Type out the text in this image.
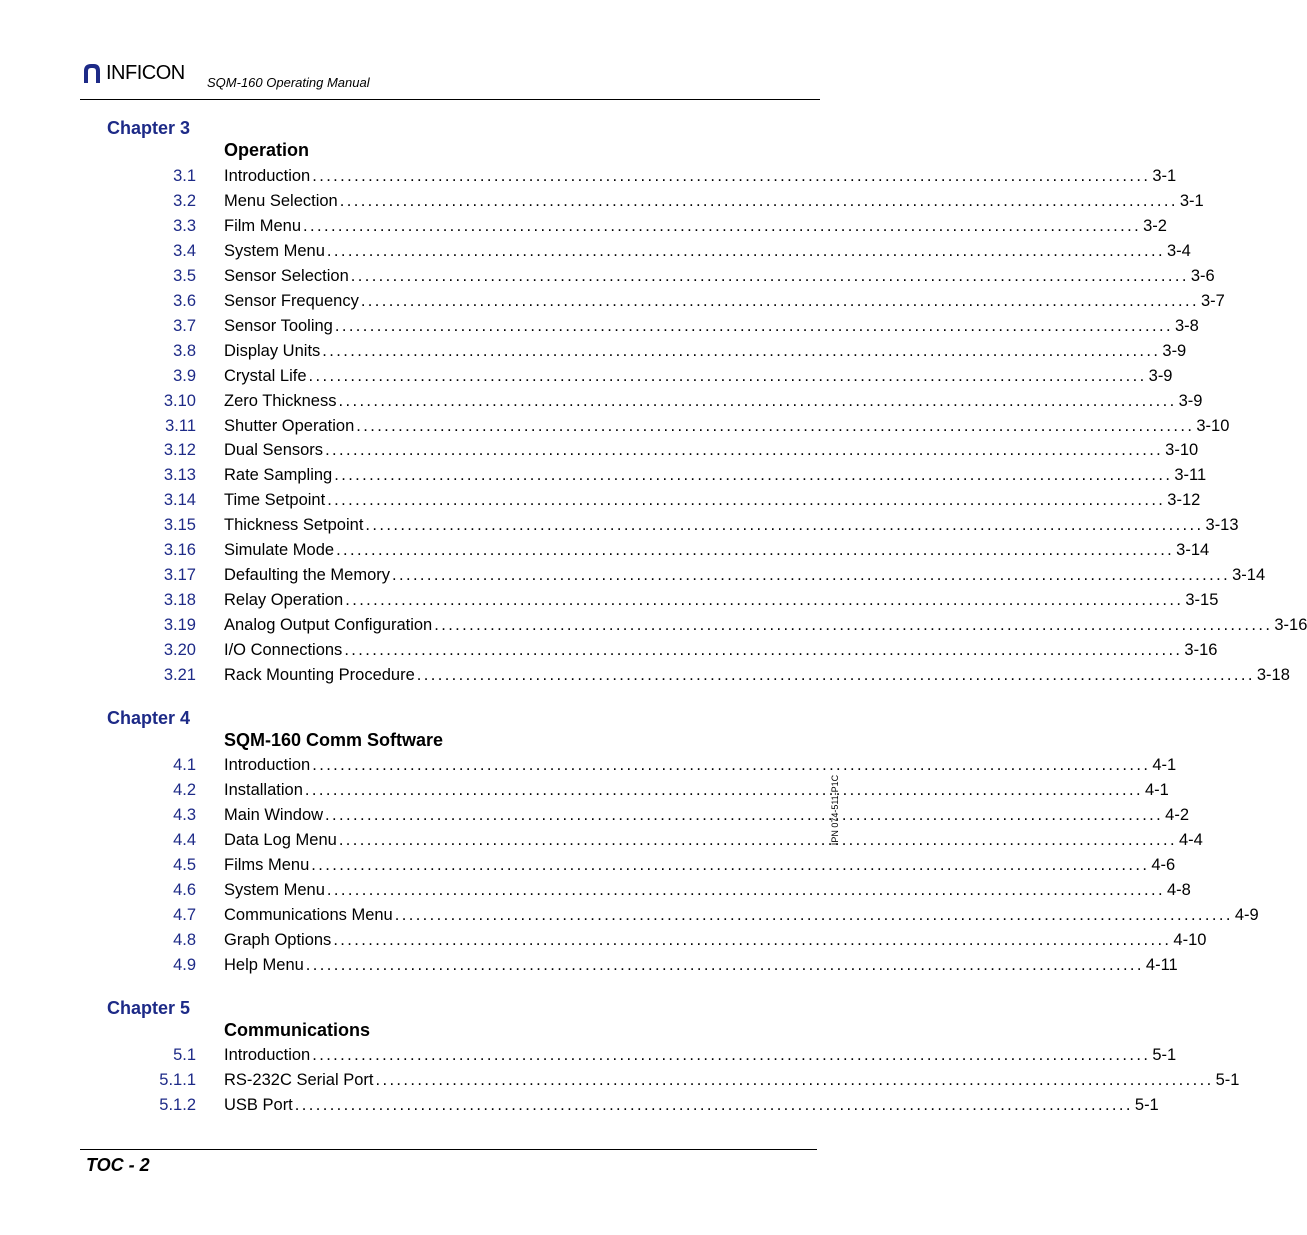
INFICON SQM-160 Operating Manual
Chapter 3
Operation
3.1 Introduction ........................................................................................................................ 3-1
3.2 Menu Selection ........................................................................................................................ 3-1
3.3 Film Menu ........................................................................................................................ 3-2
3.4 System Menu ........................................................................................................................ 3-4
3.5 Sensor Selection ........................................................................................................................ 3-6
3.6 Sensor Frequency ........................................................................................................................ 3-7
3.7 Sensor Tooling ........................................................................................................................ 3-8
3.8 Display Units ........................................................................................................................ 3-9
3.9 Crystal Life ........................................................................................................................ 3-9
3.10 Zero Thickness ........................................................................................................................ 3-9
3.11 Shutter Operation ........................................................................................................................ 3-10
3.12 Dual Sensors ........................................................................................................................ 3-10
3.13 Rate Sampling ........................................................................................................................ 3-11
3.14 Time Setpoint ........................................................................................................................ 3-12
3.15 Thickness Setpoint ........................................................................................................................ 3-13
3.16 Simulate Mode ........................................................................................................................ 3-14
3.17 Defaulting the Memory ........................................................................................................................ 3-14
3.18 Relay Operation ........................................................................................................................ 3-15
3.19 Analog Output Configuration ........................................................................................................................ 3-16
3.20 I/O Connections ........................................................................................................................ 3-16
3.21 Rack Mounting Procedure ........................................................................................................................ 3-18
Chapter 4
SQM-160 Comm Software
4.1 Introduction ........................................................................................................................ 4-1
4.2 Installation ........................................................................................................................ 4-1
4.3 Main Window ........................................................................................................................ 4-2
4.4 Data Log Menu ........................................................................................................................ 4-4
4.5 Films Menu ........................................................................................................................ 4-6
4.6 System Menu ........................................................................................................................ 4-8
4.7 Communications Menu ........................................................................................................................ 4-9
4.8 Graph Options ........................................................................................................................ 4-10
4.9 Help Menu ........................................................................................................................ 4-11
Chapter 5
Communications
5.1 Introduction ........................................................................................................................ 5-1
5.1.1 RS-232C Serial Port ........................................................................................................................ 5-1
5.1.2 USB Port ........................................................................................................................ 5-1
TOC - 2
IPN 074-511-P1C
